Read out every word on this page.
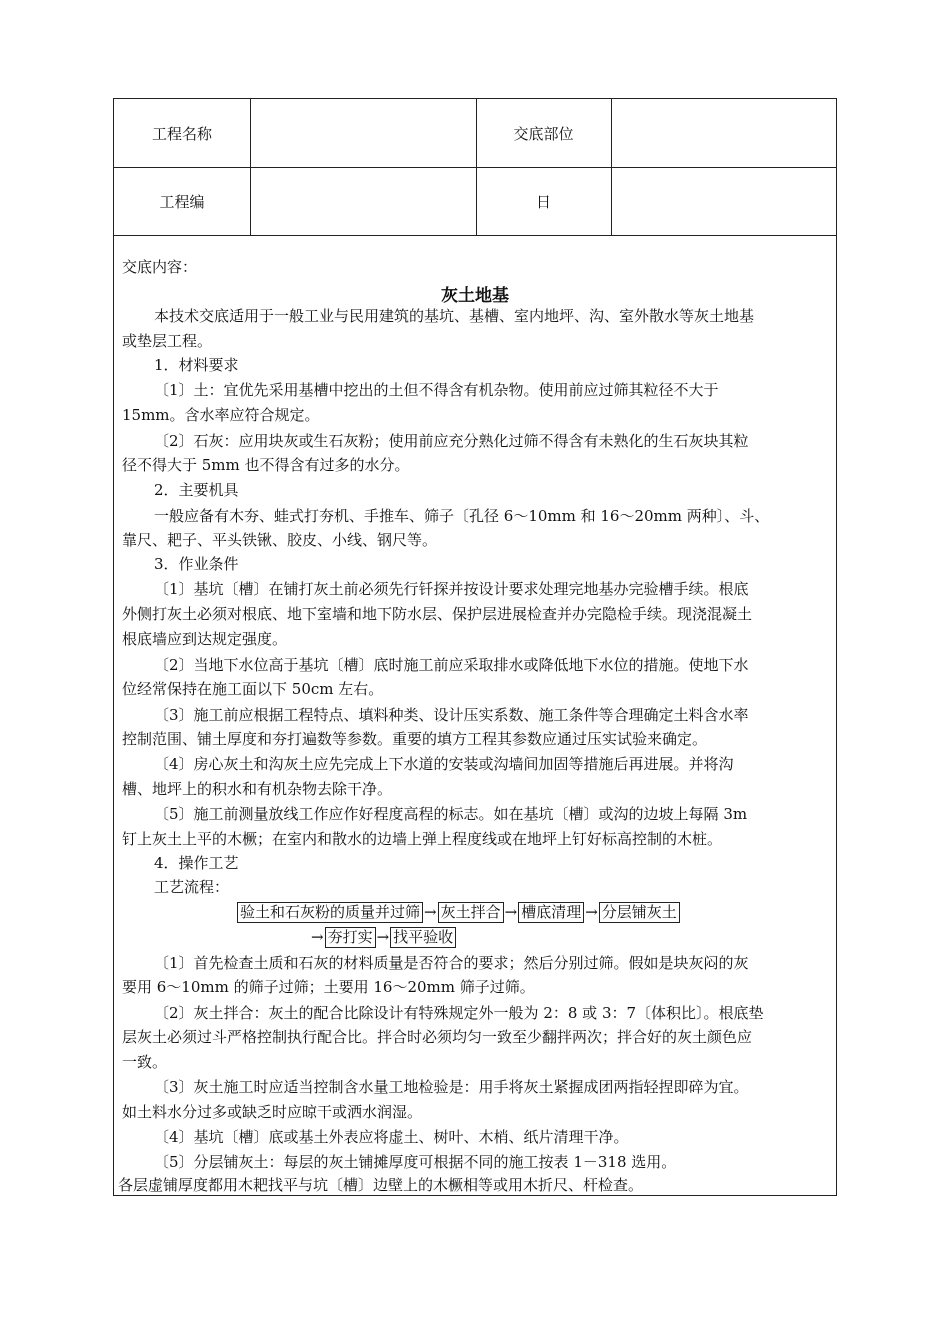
工程名称	交底部位
工程编	日
交底内容：
灰土地基
本技术交底适用于一般工业与民用建筑的基坑、基槽、室内地坪、沟、室外散水等灰土地基
或垫层工程。
1．材料要求
〔1〕土：宜优先采用基槽中挖出的土但不得含有机杂物。使用前应过筛其粒径不大于
15mm。含水率应符合规定。
〔2〕石灰：应用块灰或生石灰粉；使用前应充分熟化过筛不得含有未熟化的生石灰块其粒
径不得大于 5mm 也不得含有过多的水分。
2．主要机具
一般应备有木夯、蛙式打夯机、手推车、筛子〔孔径 6～10mm 和 16～20mm 两种〕、斗、
靠尺、耙子、平头铁锹、胶皮、小线、钢尺等。
3．作业条件
〔1〕基坑〔槽〕在铺打灰土前必须先行钎探并按设计要求处理完地基办完验槽手续。根底
外侧打灰土必须对根底、地下室墙和地下防水层、保护层进展检查并办完隐检手续。现浇混凝土
根底墙应到达规定强度。
〔2〕当地下水位高于基坑〔槽〕底时施工前应采取排水或降低地下水位的措施。使地下水
位经常保持在施工面以下 50cm 左右。
〔3〕施工前应根据工程特点、填料种类、设计压实系数、施工条件等合理确定土料含水率
控制范围、铺土厚度和夯打遍数等参数。重要的填方工程其参数应通过压实试验来确定。
〔4〕房心灰土和沟灰土应先完成上下水道的安装或沟墙间加固等措施后再进展。并将沟
槽、地坪上的积水和有机杂物去除干净。
〔5〕施工前测量放线工作应作好程度高程的标志。如在基坑〔槽〕或沟的边坡上每隔 3m
钉上灰土上平的木橛；在室内和散水的边墙上弹上程度线或在地坪上钉好标高控制的木桩。
4．操作工艺
工艺流程：
验土和石灰粉的质量并过筛 → 灰土拌合 → 槽底清理 → 分层铺灰土
→ 夯打实 → 找平验收
〔1〕首先检查土质和石灰的材料质量是否符合的要求；然后分别过筛。假如是块灰闷的灰
要用 6～10mm 的筛子过筛；土要用 16～20mm 筛子过筛。
〔2〕灰土拌合：灰土的配合比除设计有特殊规定外一般为 2：8 或 3：7〔体积比〕。根底垫
层灰土必须过斗严格控制执行配合比。拌合时必须均匀一致至少翻拌两次；拌合好的灰土颜色应
一致。
〔3〕灰土施工时应适当控制含水量工地检验是：用手将灰土紧握成团两指轻捏即碎为宜。
如土料水分过多或缺乏时应晾干或洒水润湿。
〔4〕基坑〔槽〕底或基土外表应将虚土、树叶、木梢、纸片清理干净。
〔5〕分层铺灰土：每层的灰土铺摊厚度可根据不同的施工按表 1－318 选用。
各层虚铺厚度都用木耙找平与坑〔槽〕边壁上的木橛相等或用木折尺、杆检查。
